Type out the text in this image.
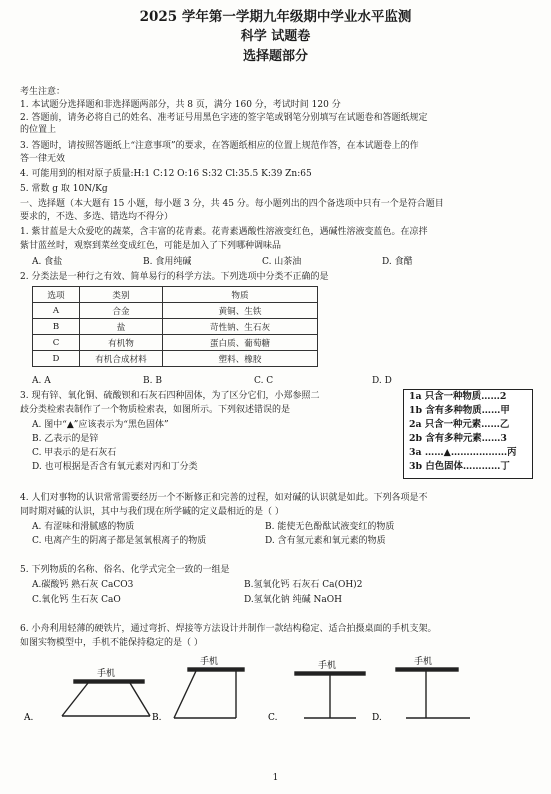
2025 学年第一学期九年级期中学业水平监测
科学 试题卷
选择题部分
考生注意：
1. 本试题分选择题和非选择题两部分，共 8 页，满分 160 分，考试时间 120 分
2. 答题前，请务必将自己的姓名、准考证号用黑色字迹的签字笔或钢笔分别填写在试题卷和答题纸规定
的位置上
3. 答题时，请按照答题纸上“注意事项”的要求，在答题纸相应的位置上规范作答，在本试题卷上的作
答一律无效
4. 可能用到的相对原子质量:H:1 C:12 O:16 S:32 Cl:35.5 K:39 Zn:65
5. 常数 g 取 10N/Kg
一、选择题（本大题有 15 小题，每小题 3 分，共 45 分。每小题列出的四个备选项中只有一个是符合题目
要求的，不选、多选、错选均不得分）
1. 紫甘蓝是大众爱吃的蔬菜，含丰富的花青素。花青素遇酸性溶液变红色，遇碱性溶液变蓝色。在凉拌
紫甘蓝丝时，观察到菜丝变成红色，可能是加入了下列哪种调味品
A. 食盐	B. 食用纯碱	C. 山茶油	D. 食醋
2. 分类法是一种行之有效、简单易行的科学方法。下列选项中分类不正确的是
选项	类别	物质
A	合金	黄铜、生铁
B	盐	苛性钠、生石灰
C	有机物	蛋白质、葡萄糖
D	有机合成材料	塑料、橡胶
A. A	B. B	C. C	D. D
3. 现有锌、氧化铜、硫酸钡和石灰石四种固体，为了区分它们，小郑参照二
歧分类检索表制作了一个物质检索表，如图所示。下列叙述错误的是
A. 图中“▲”应该表示为“黑色固体”
B. 乙表示的是锌
C. 甲表示的是石灰石
D. 也可根据是否含有氧元素对丙和丁分类
1a 只含一种物质……2
1b 含有多种物质……甲
2a 只含一种元素……乙
2b 含有多种元素……3
3a ……▲………………丙
3b 白色固体…………丁
4. 人们对事物的认识常常需要经历一个不断修正和完善的过程，如对碱的认识就是如此。下列各项是不
同时期对碱的认识，其中与我们现在所学碱的定义最相近的是（ ）
A. 有涩味和滑腻感的物质	B. 能使无色酚酞试液变红的物质
C. 电离产生的阴离子都是氢氧根离子的物质	D. 含有氢元素和氧元素的物质
5. 下列物质的名称、俗名、化学式完全一致的一组是
A.碳酸钙 熟石灰 CaCO3	B.氢氧化钙 石灰石 Ca(OH)2
C.氧化钙 生石灰 CaO	D.氢氧化钠 纯碱 NaOH
6. 小舟利用轻薄的硬铁片，通过弯折、焊接等方法设计并制作一款结构稳定、适合拍摄桌面的手机支架。
如图实物模型中，手机不能保持稳定的是（ ）
手机
A.
手机
B.
手机
C.
手机
D.
1
